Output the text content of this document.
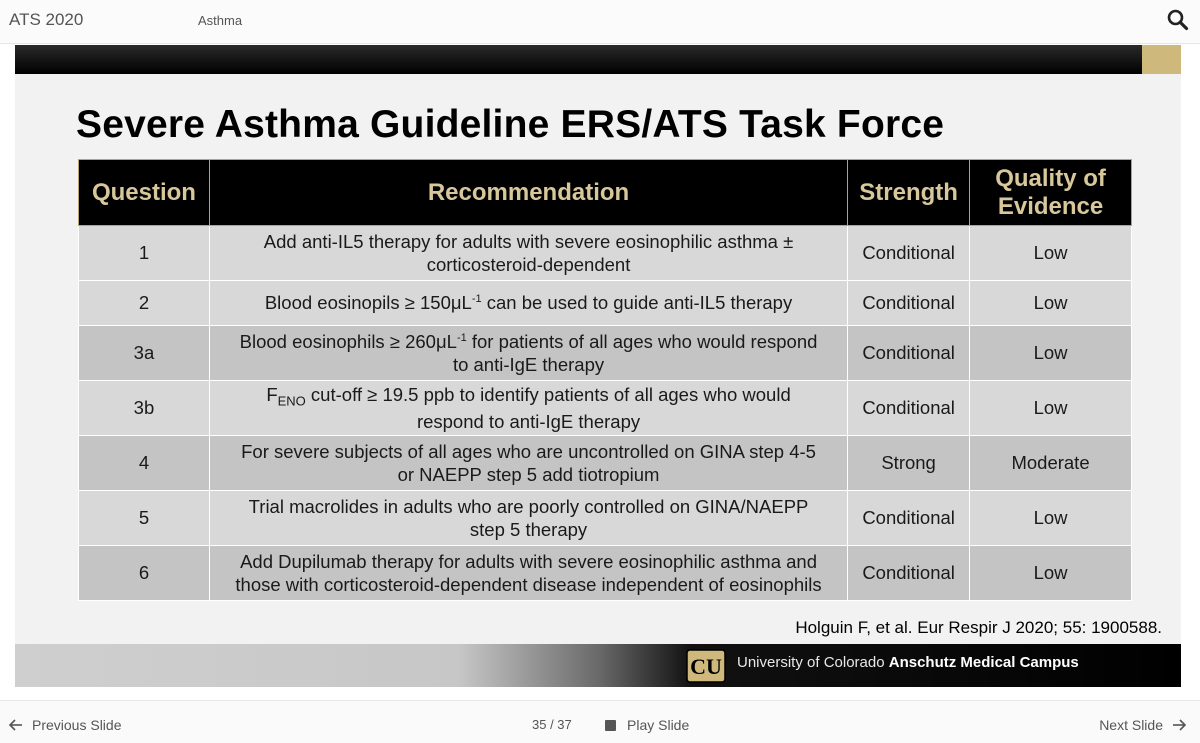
ATS 2020	Asthma
Severe Asthma Guideline ERS/ATS Task Force
Question	Recommendation	Strength	Quality of
Evidence
1	Add anti-IL5 therapy for adults with severe eosinophilic asthma ±
corticosteroid-dependent	Conditional	Low
2	Blood eosinopils ≥ $150\mu L^{-1}$ can be used to guide anti-IL5 therapy	Conditional	Low
3a	Blood eosinophils ≥ $260\mu L^{-1}$ for patients of all ages who would respond
to anti-IgE therapy	Conditional	Low
3b	$F_{ENO}$ cut-off ≥ 19.5 ppb to identify patients of all ages who would
respond to anti-IgE therapy	Conditional	Low
4	For severe subjects of all ages who are uncontrolled on GINA step 4-5
or NAEPP step 5 add tiotropium	Strong	Moderate
5	Trial macrolides in adults who are poorly controlled on GINA/NAEPP
step 5 therapy	Conditional	Low
6	Add Dupilumab therapy for adults with severe eosinophilic asthma and
those with corticosteroid-dependent disease independent of eosinophils	Conditional	Low
Holguin F, et al. Eur Respir J 2020; 55: 1900588.
CU University of Colorado Anschutz Medical Campus
Previous Slide	35 / 37	Play Slide	Next Slide
